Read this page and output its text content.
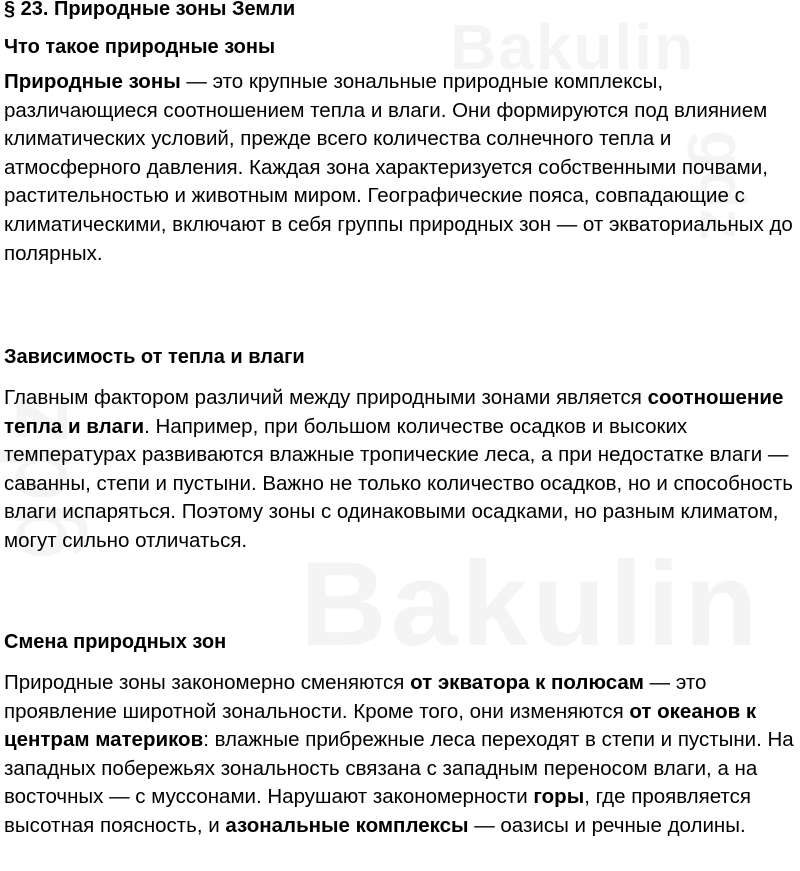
§ 23. Природные зоны Земли
Что такое природные зоны

Природные зоны — это крупные зональные природные комплексы, различающиеся соотношением тепла и влаги. Они формируются под влиянием климатических условий, прежде всего количества солнечного тепла и атмосферного давления. Каждая зона характеризуется собственными почвами, растительностью и животным миром. Географические пояса, совпадающие с климатическими, включают в себя группы природных зон — от экваториальных до полярных.

Зависимость от тепла и влаги

Главным фактором различий между природными зонами является соотношение тепла и влаги. Например, при большом количестве осадков и высоких температурах развиваются влажные тропические леса, а при недостатке влаги — саванны, степи и пустыни. Важно не только количество осадков, но и способность влаги испаряться. Поэтому зоны с одинаковыми осадками, но разным климатом, могут сильно отличаться.

Смена природных зон

Природные зоны закономерно сменяются от экватора к полюсам — это проявление широтной зональности. Кроме того, они изменяются от океанов к центрам материков: влажные прибрежные леса переходят в степи и пустыни. На западных побережьях зональность связана с западным переносом влаги, а на восточных — с муссонами. Нарушают закономерности горы, где проявляется высотная поясность, и азональные комплексы — оазисы и речные долины.
